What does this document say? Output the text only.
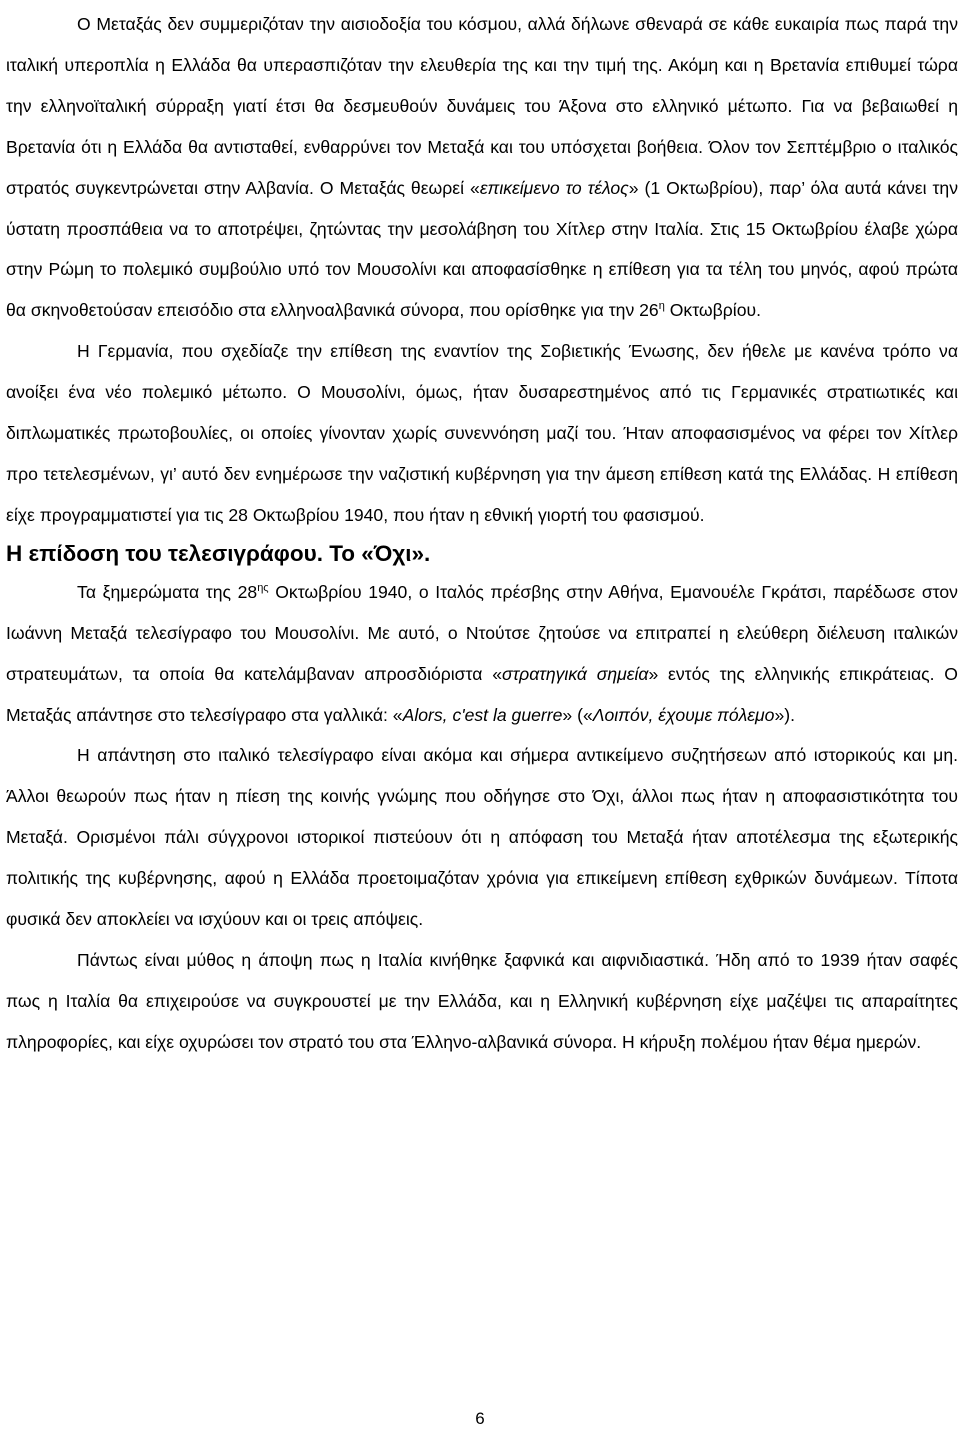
Ο Μεταξάς δεν συμμεριζόταν την αισιοδοξία του κόσμου, αλλά δήλωνε σθεναρά σε κάθε ευκαιρία πως παρά την ιταλική υπεροπλία η Ελλάδα θα υπερασπιζόταν την ελευθερία της και την τιμή της. Ακόμη και η Βρετανία επιθυμεί τώρα την ελληνοϊταλική σύρραξη γιατί έτσι θα δεσμευθούν δυνάμεις του Άξονα στο ελληνικό μέτωπο. Για να βεβαιωθεί η Βρετανία ότι η Ελλάδα θα αντισταθεί, ενθαρρύνει τον Μεταξά και του υπόσχεται βοήθεια. Όλον τον Σεπτέμβριο ο ιταλικός στρατός συγκεντρώνεται στην Αλβανία. Ο Μεταξάς θεωρεί «επικείμενο το τέλος» (1 Οκτωβρίου), παρ’ όλα αυτά κάνει την ύστατη προσπάθεια να το αποτρέψει, ζητώντας την μεσολάβηση του Χίτλερ στην Ιταλία. Στις 15 Οκτωβρίου έλαβε χώρα στην Ρώμη το πολεμικό συμβούλιο υπό τον Μουσολίνι και αποφασίσθηκε η επίθεση για τα τέλη του μηνός, αφού πρώτα θα σκηνοθετούσαν επεισόδιο στα ελληνοαλβανικά σύνορα, που ορίσθηκε για την $26^\eta$ Οκτωβρίου.

Η Γερμανία, που σχεδίαζε την επίθεση της εναντίον της Σοβιετικής Ένωσης, δεν ήθελε με κανένα τρόπο να ανοίξει ένα νέο πολεμικό μέτωπο. Ο Μουσολίνι, όμως, ήταν δυσαρεστημένος από τις Γερμανικές στρατιωτικές και διπλωματικές πρωτοβουλίες, οι οποίες γίνονταν χωρίς συνεννόηση μαζί του. Ήταν αποφασισμένος να φέρει τον Χίτλερ προ τετελεσμένων, γι’ αυτό δεν ενημέρωσε την ναζιστική κυβέρνηση για την άμεση επίθεση κατά της Ελλάδας. Η επίθεση είχε προγραμματιστεί για τις 28 Οκτωβρίου 1940, που ήταν η εθνική γιορτή του φασισμού.

Η επίδοση του τελεσιγράφου. Το «Όχι».

Τα ξημερώματα της $28^{\eta\varsigma}$ Οκτωβρίου 1940, ο Ιταλός πρέσβης στην Αθήνα, Εμανουέλε Γκράτσι, παρέδωσε στον Ιωάννη Μεταξά τελεσίγραφο του Μουσολίνι. Με αυτό, ο Ντούτσε ζητούσε να επιτραπεί η ελεύθερη διέλευση ιταλικών στρατευμάτων, τα οποία θα κατελάμβαναν απροσδιόριστα «στρατηγικά σημεία» εντός της ελληνικής επικράτειας. Ο Μεταξάς απάντησε στο τελεσίγραφο στα γαλλικά: «Alors, c'est la guerre» («Λοιπόν, έχουμε πόλεμο»).

Η απάντηση στο ιταλικό τελεσίγραφο είναι ακόμα και σήμερα αντικείμενο συζητήσεων από ιστορικούς και μη. Άλλοι θεωρούν πως ήταν η πίεση της κοινής γνώμης που οδήγησε στο Όχι, άλλοι πως ήταν η αποφασιστικότητα του Μεταξά. Ορισμένοι πάλι σύγχρονοι ιστορικοί πιστεύουν ότι η απόφαση του Μεταξά ήταν αποτέλεσμα της εξωτερικής πολιτικής της κυβέρνησης, αφού η Ελλάδα προετοιμαζόταν χρόνια για επικείμενη επίθεση εχθρικών δυνάμεων. Τίποτα φυσικά δεν αποκλείει να ισχύουν και οι τρεις απόψεις.

Πάντως είναι μύθος η άποψη πως η Ιταλία κινήθηκε ξαφνικά και αιφνιδιαστικά. Ήδη από το 1939 ήταν σαφές πως η Ιταλία θα επιχειρούσε να συγκρουστεί με την Ελλάδα, και η Ελληνική κυβέρνηση είχε μαζέψει τις απαραίτητες πληροφορίες, και είχε οχυρώσει τον στρατό του στα Έλληνο-αλβανικά σύνορα. Η κήρυξη πολέμου ήταν θέμα ημερών.

6
